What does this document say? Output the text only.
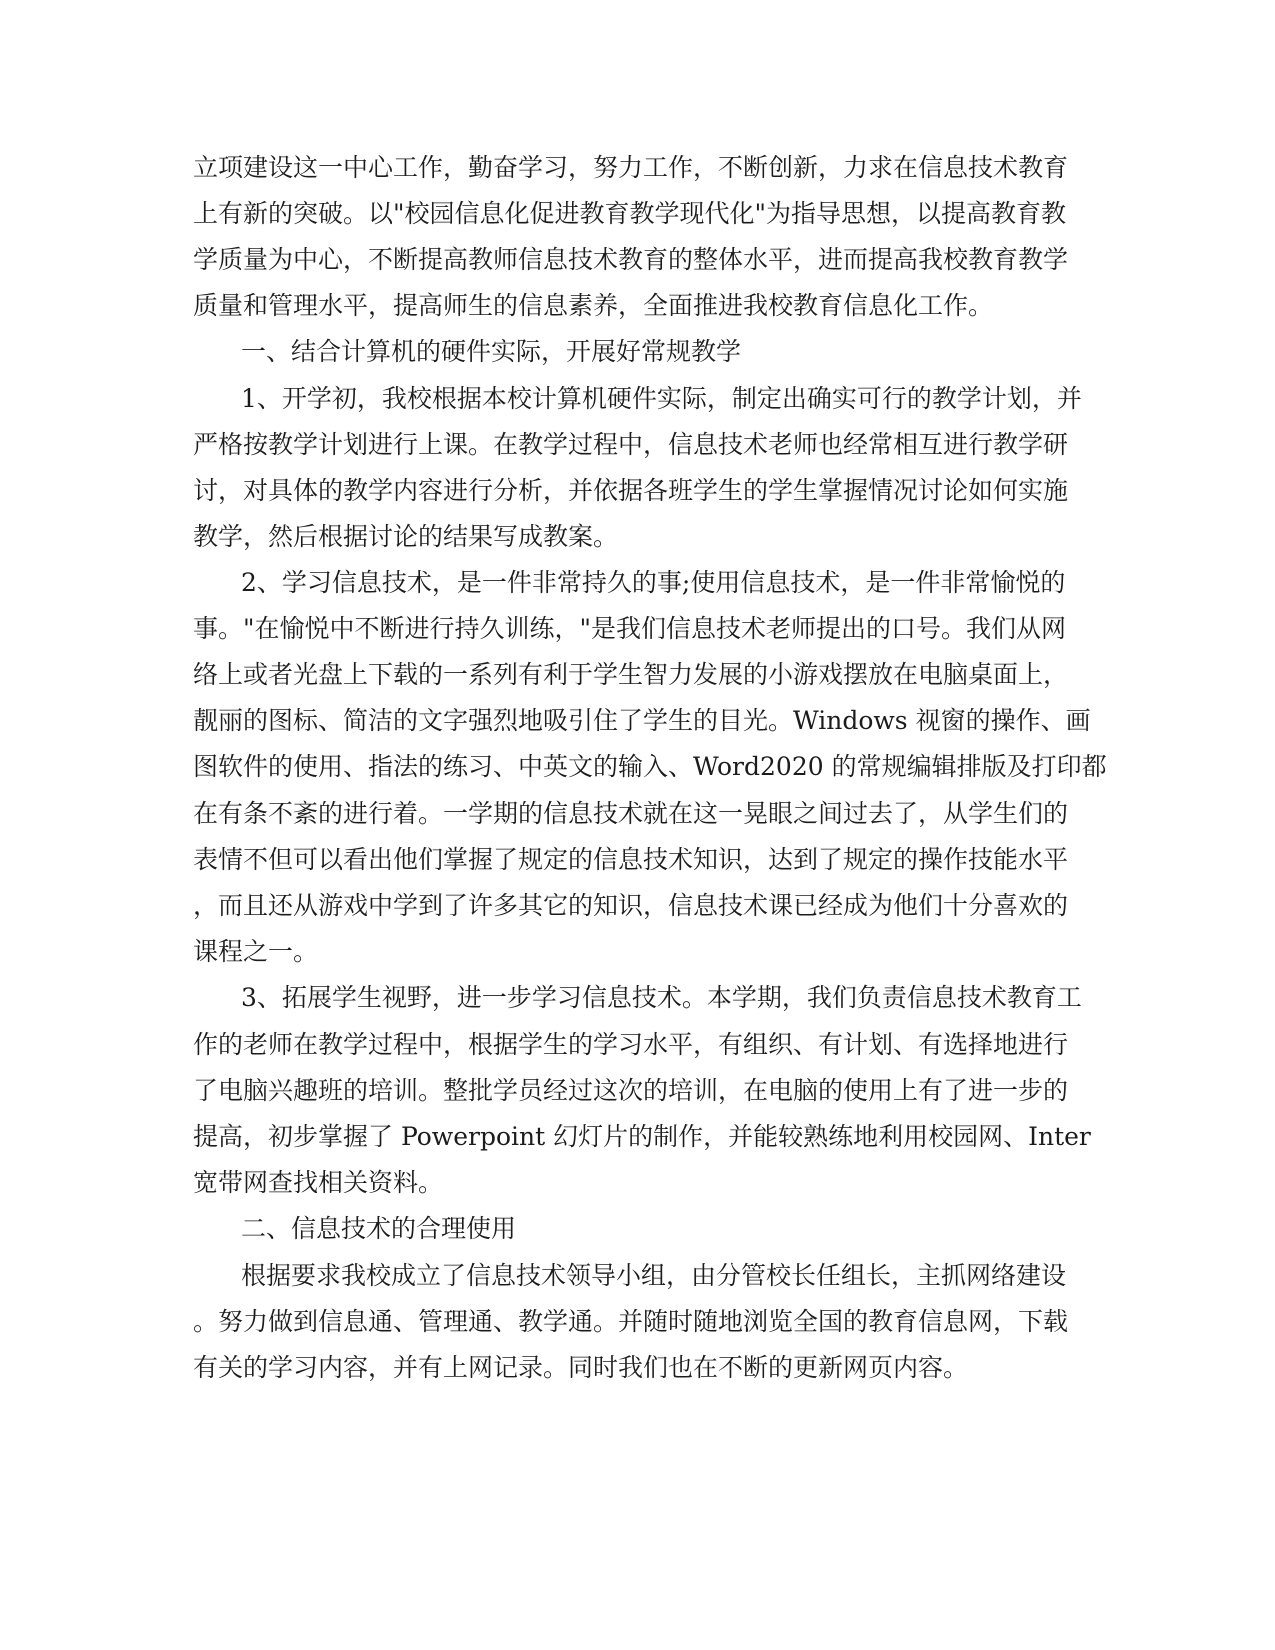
立项建设这一中心工作，勤奋学习，努力工作，不断创新，力求在信息技术教育

上有新的突破。以"校园信息化促进教育教学现代化"为指导思想，以提高教育教

学质量为中心，不断提高教师信息技术教育的整体水平，进而提高我校教育教学

质量和管理水平，提高师生的信息素养，全面推进我校教育信息化工作。

一、结合计算机的硬件实际，开展好常规教学

1、开学初，我校根据本校计算机硬件实际，制定出确实可行的教学计划，并

严格按教学计划进行上课。在教学过程中，信息技术老师也经常相互进行教学研

讨，对具体的教学内容进行分析，并依据各班学生的学生掌握情况讨论如何实施

教学，然后根据讨论的结果写成教案。

2、学习信息技术，是一件非常持久的事;使用信息技术，是一件非常愉悦的

事。"在愉悦中不断进行持久训练，"是我们信息技术老师提出的口号。我们从网

络上或者光盘上下载的一系列有利于学生智力发展的小游戏摆放在电脑桌面上，

靓丽的图标、简洁的文字强烈地吸引住了学生的目光。Windows 视窗的操作、画

图软件的使用、指法的练习、中英文的输入、Word2020 的常规编辑排版及打印都

在有条不紊的进行着。一学期的信息技术就在这一晃眼之间过去了，从学生们的

表情不但可以看出他们掌握了规定的信息技术知识，达到了规定的操作技能水平

，而且还从游戏中学到了许多其它的知识，信息技术课已经成为他们十分喜欢的

课程之一。

3、拓展学生视野，进一步学习信息技术。本学期，我们负责信息技术教育工

作的老师在教学过程中，根据学生的学习水平，有组织、有计划、有选择地进行

了电脑兴趣班的培训。整批学员经过这次的培训，在电脑的使用上有了进一步的

提高，初步掌握了 Powerpoint 幻灯片的制作，并能较熟练地利用校园网、Inter

宽带网查找相关资料。

二、信息技术的合理使用

根据要求我校成立了信息技术领导小组，由分管校长任组长，主抓网络建设

。努力做到信息通、管理通、教学通。并随时随地浏览全国的教育信息网，下载

有关的学习内容，并有上网记录。同时我们也在不断的更新网页内容。
